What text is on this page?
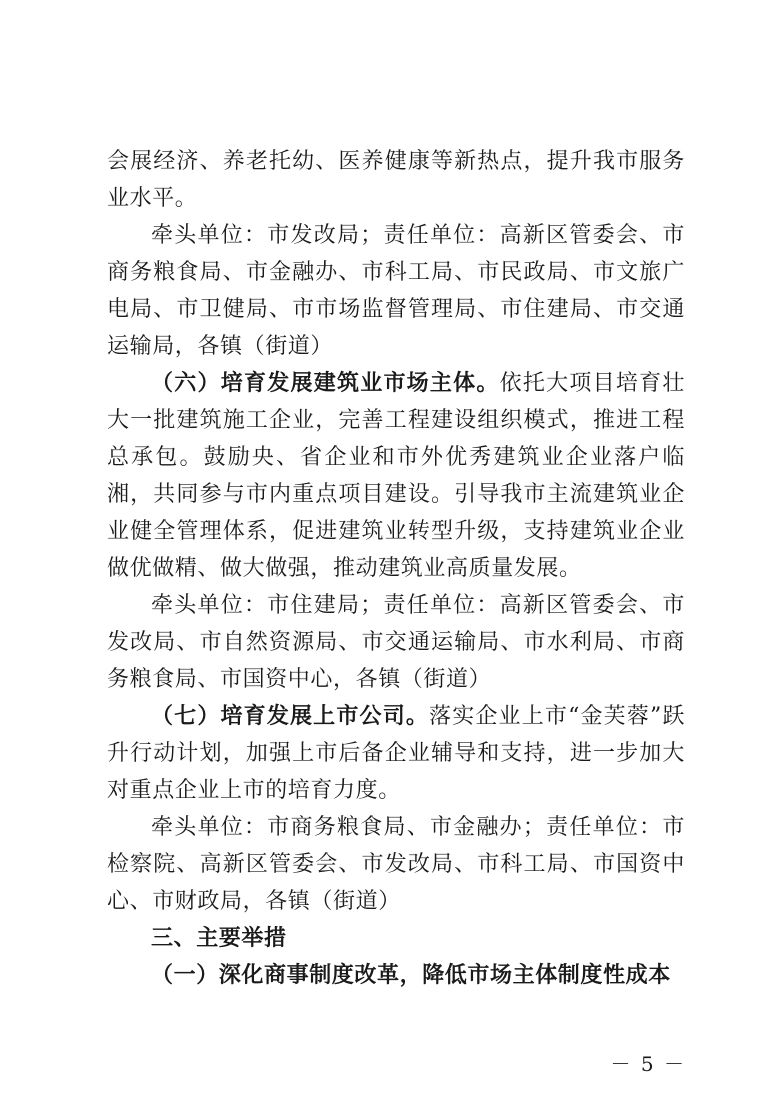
会展经济、养老托幼、医养健康等新热点，提升我市服务业水平。

牵头单位：市发改局；责任单位：高新区管委会、市商务粮食局、市金融办、市科工局、市民政局、市文旅广电局、市卫健局、市市场监督管理局、市住建局、市交通运输局，各镇（街道）

（六）培育发展建筑业市场主体。依托大项目培育壮大一批建筑施工企业，完善工程建设组织模式，推进工程总承包。鼓励央、省企业和市外优秀建筑业企业落户临湘，共同参与市内重点项目建设。引导我市主流建筑业企业健全管理体系，促进建筑业转型升级，支持建筑业企业做优做精、做大做强，推动建筑业高质量发展。

牵头单位：市住建局；责任单位：高新区管委会、市发改局、市自然资源局、市交通运输局、市水利局、市商务粮食局、市国资中心，各镇（街道）

（七）培育发展上市公司。落实企业上市“金芙蓉”跃升行动计划，加强上市后备企业辅导和支持，进一步加大对重点企业上市的培育力度。

牵头单位：市商务粮食局、市金融办；责任单位：市检察院、高新区管委会、市发改局、市科工局、市国资中心、市财政局，各镇（街道）

三、主要举措

（一）深化商事制度改革，降低市场主体制度性成本

－ 5 －
